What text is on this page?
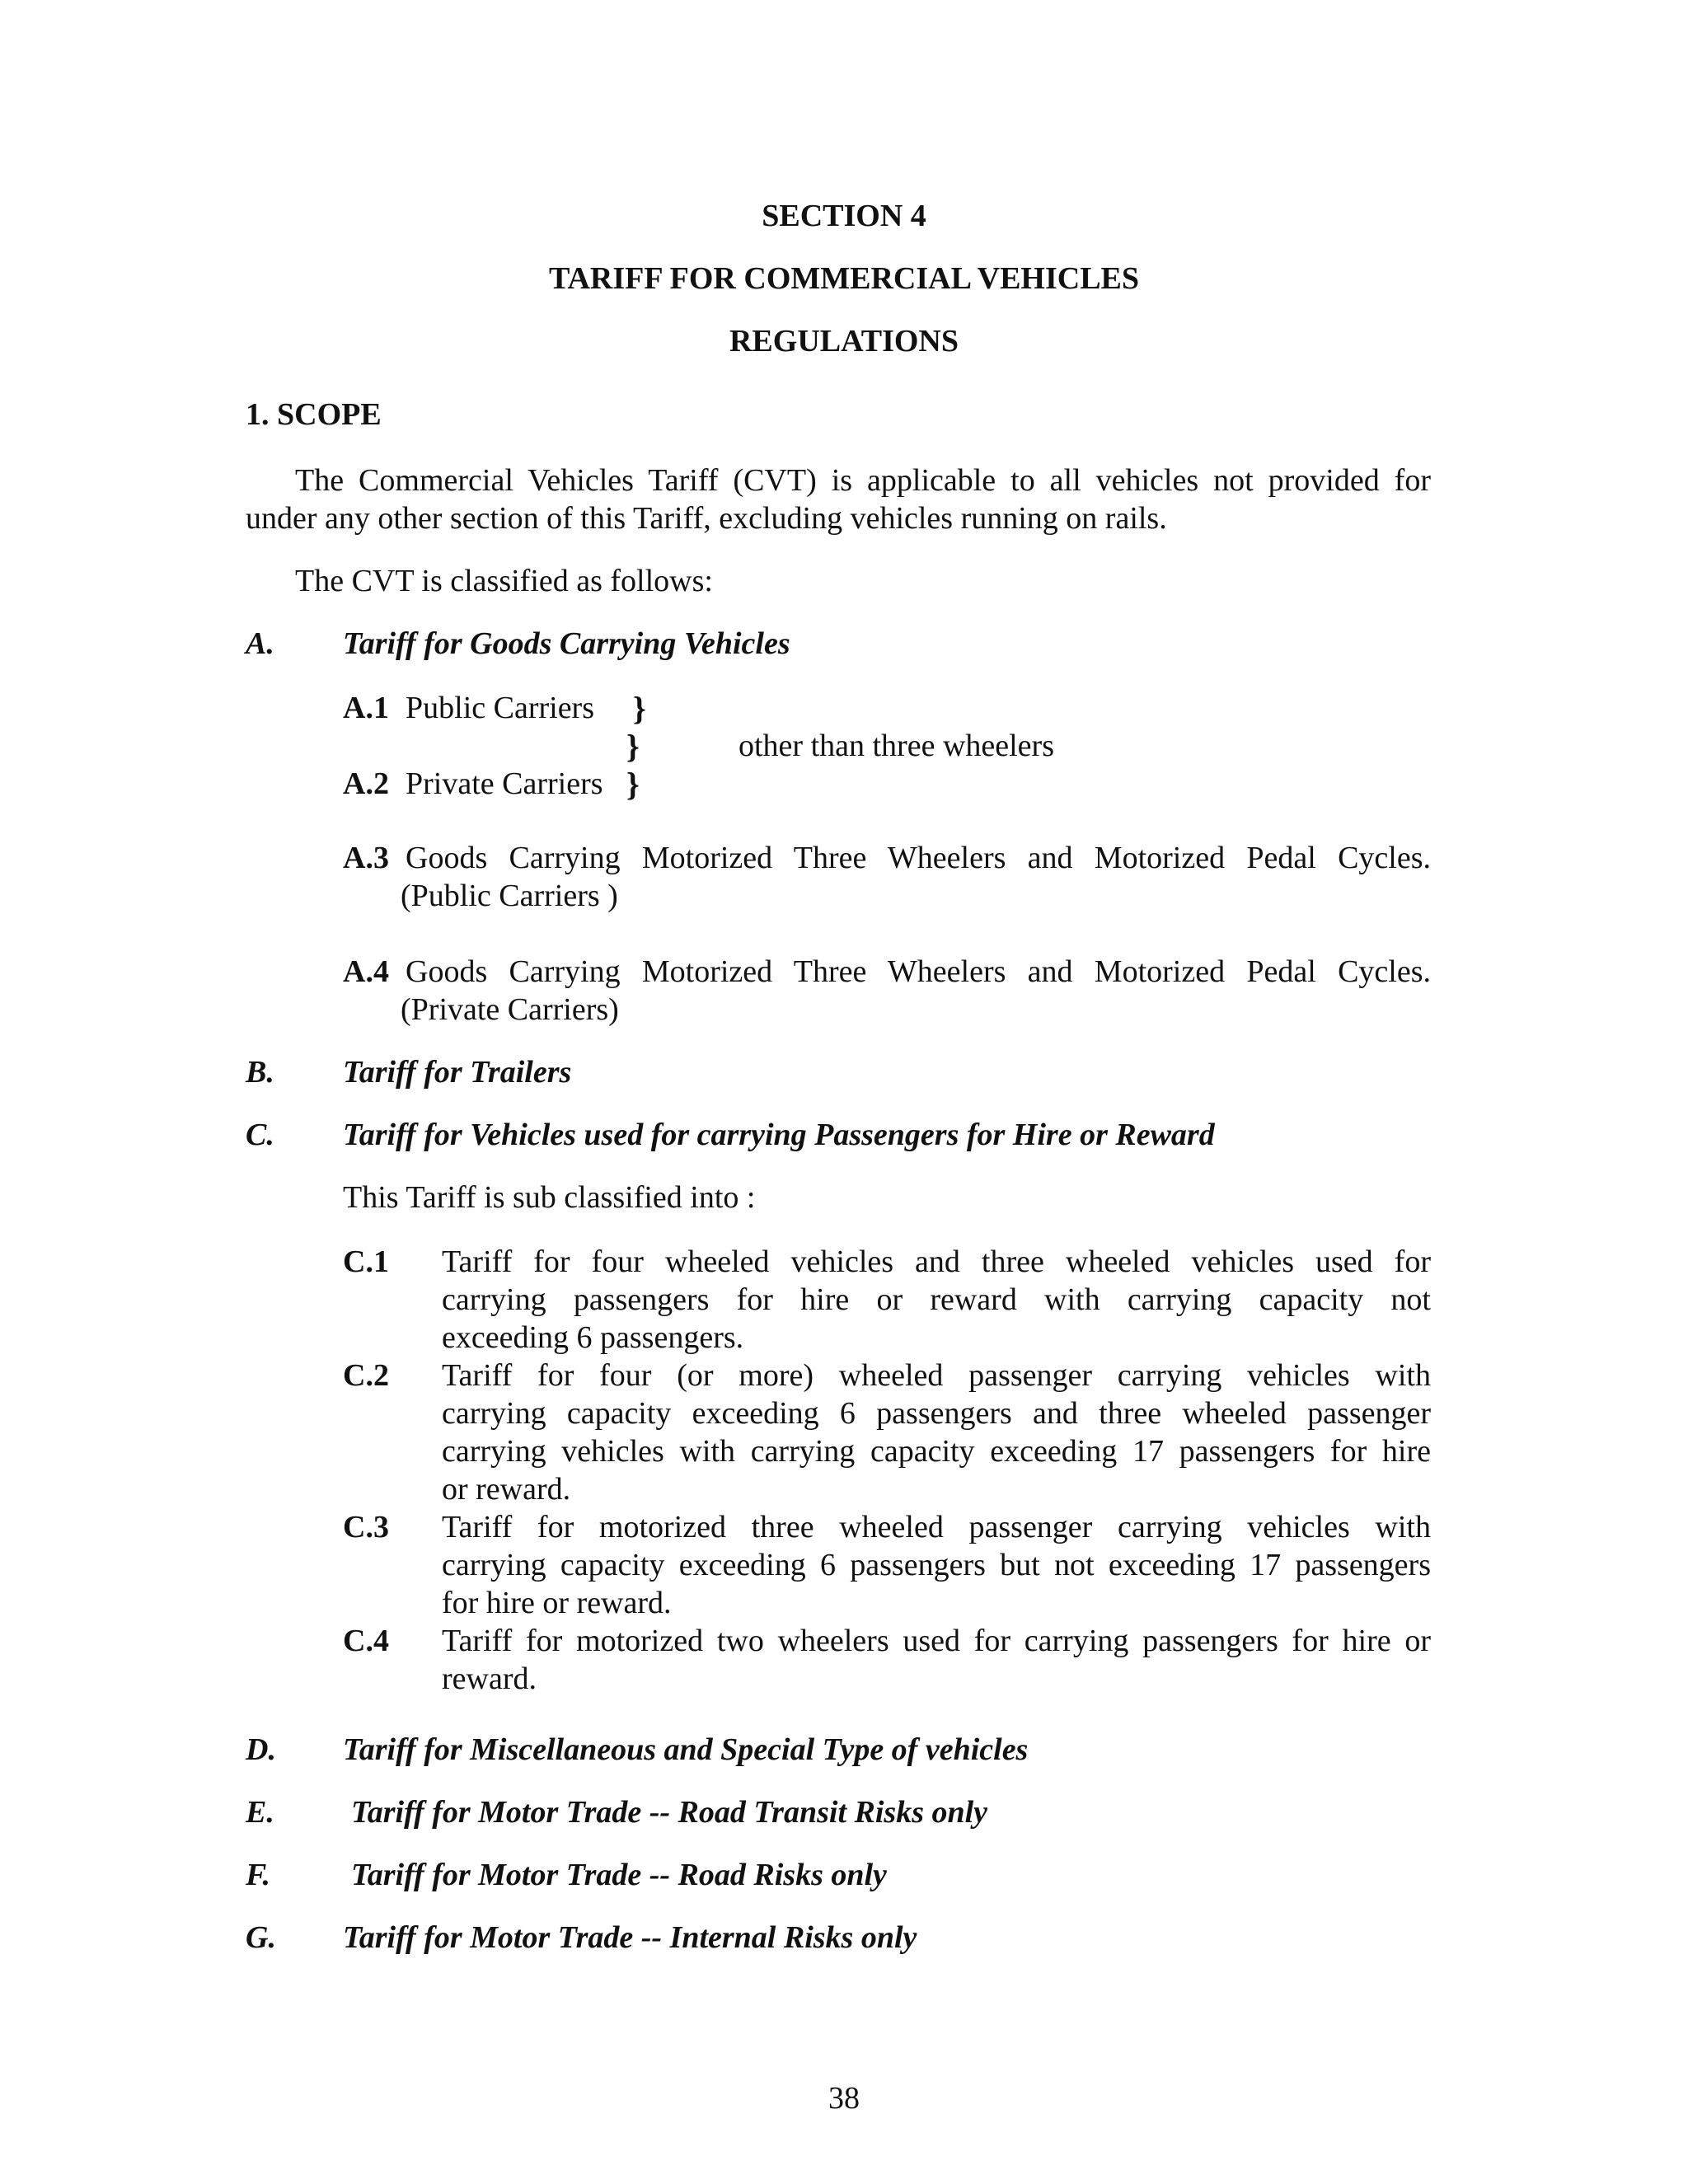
SECTION 4
TARIFF FOR COMMERCIAL VEHICLES
REGULATIONS
1. SCOPE
The Commercial Vehicles Tariff (CVT) is applicable to all vehicles not provided for
under any other section of this Tariff, excluding vehicles running on rails.
The CVT is classified as follows:
A. Tariff for Goods Carrying Vehicles
A.1 Public Carriers }
}	other than three wheelers
A.2 Private Carriers }
A.3 Goods Carrying Motorized Three Wheelers and Motorized Pedal Cycles.
(Public Carriers )
A.4 Goods Carrying Motorized Three Wheelers and Motorized Pedal Cycles.
(Private Carriers)
B. Tariff for Trailers
C. Tariff for Vehicles used for carrying Passengers for Hire or Reward
This Tariff is sub classified into :
C.1 Tariff for four wheeled vehicles and three wheeled vehicles used for
carrying passengers for hire or reward with carrying capacity not
exceeding 6 passengers.
C.2 Tariff for four (or more) wheeled passenger carrying vehicles with
carrying capacity exceeding 6 passengers and three wheeled passenger
carrying vehicles with carrying capacity exceeding 17 passengers for hire
or reward.
C.3 Tariff for motorized three wheeled passenger carrying vehicles with
carrying capacity exceeding 6 passengers but not exceeding 17 passengers
for hire or reward.
C.4 Tariff for motorized two wheelers used for carrying passengers for hire or
reward.
D. Tariff for Miscellaneous and Special Type of vehicles
E. Tariff for Motor Trade -- Road Transit Risks only
F.	Tariff for Motor Trade -- Road Risks only
G. Tariff for Motor Trade -- Internal Risks only
38
